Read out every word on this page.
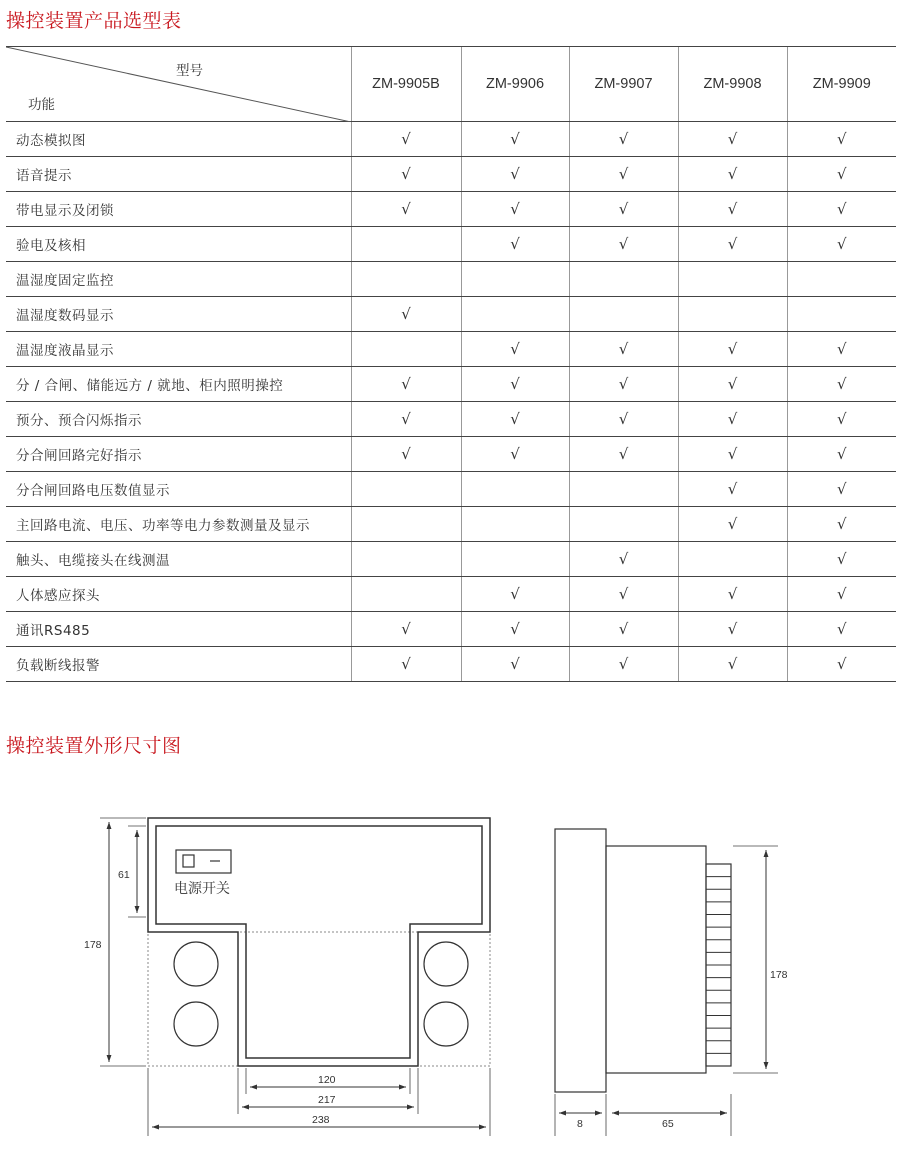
操控装置产品选型表
型号
功能	ZM-9905B	ZM-9906	ZM-9907	ZM-9908	ZM-9909
动态模拟图	√	√	√	√	√
语音提示	√	√	√	√	√
带电显示及闭锁	√	√	√	√	√
验电及核相		√	√	√	√
温湿度固定监控					
温湿度数码显示	√				
温湿度液晶显示		√	√	√	√
分 / 合闸、储能远方 / 就地、柜内照明操控	√	√	√	√	√
预分、预合闪烁指示	√	√	√	√	√
分合闸回路完好指示	√	√	√	√	√
分合闸回路电压数值显示				√	√
主回路电流、电压、功率等电力参数测量及显示				√	√
触头、电缆接头在线测温			√		√
人体感应探头		√	√	√	√
通讯RS485	√	√	√	√	√
负载断线报警	√	√	√	√	√
操控装置外形尺寸图
电源开关
178
61
120
217
238
178
8	65
